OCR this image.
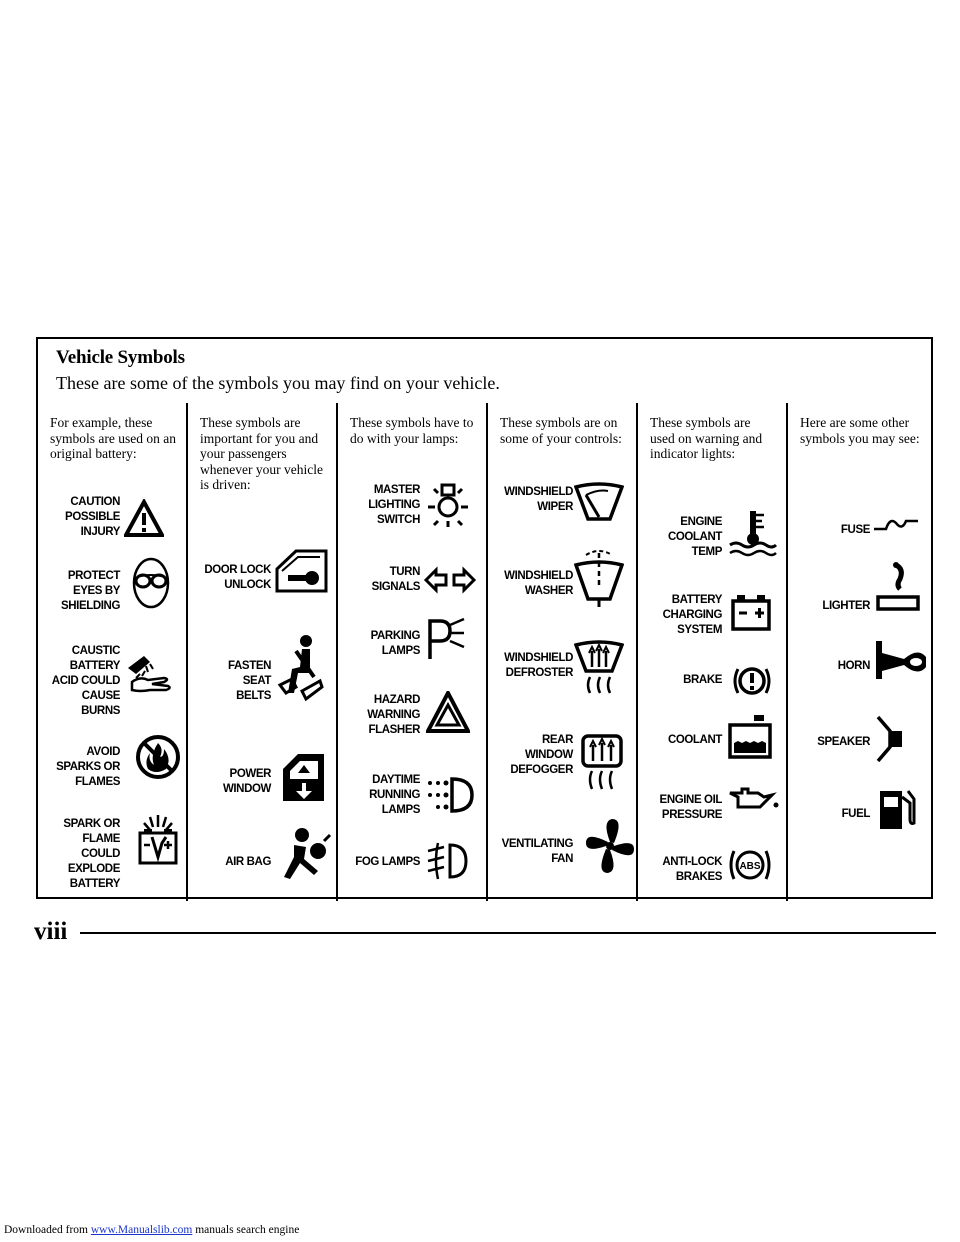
Vehicle Symbols
These are some of the symbols you may find on your vehicle.
For example, these symbols are used on an original battery:
CAUTION
POSSIBLE
INJURY
PROTECT
EYES BY
SHIELDING
CAUSTIC
BATTERY
ACID COULD
CAUSE
BURNS
AVOID
SPARKS OR
FLAMES
SPARK OR
FLAME
COULD
EXPLODE
BATTERY
These symbols are important for you and your passengers whenever your vehicle is driven:
DOOR LOCK
UNLOCK
FASTEN
SEAT
BELTS
POWER
WINDOW
AIR BAG
These symbols have to do with your lamps:
MASTER
LIGHTING
SWITCH
TURN
SIGNALS
PARKING
LAMPS
HAZARD
WARNING
FLASHER
DAYTIME
RUNNING
LAMPS
FOG LAMPS
These symbols are on some of your controls:
WINDSHIELD
WIPER
WINDSHIELD
WASHER
WINDSHIELD
DEFROSTER
REAR
WINDOW
DEFOGGER
VENTILATING
FAN
These symbols are used on warning and indicator lights:
ENGINE
COOLANT
TEMP
BATTERY
CHARGING
SYSTEM
BRAKE
COOLANT
ENGINE OIL
PRESSURE
ANTI-LOCK
BRAKES
ABS
Here are some other symbols you may see:
FUSE
LIGHTER
HORN
SPEAKER
FUEL
viii
Downloaded from www.Manualslib.com manuals search engine
